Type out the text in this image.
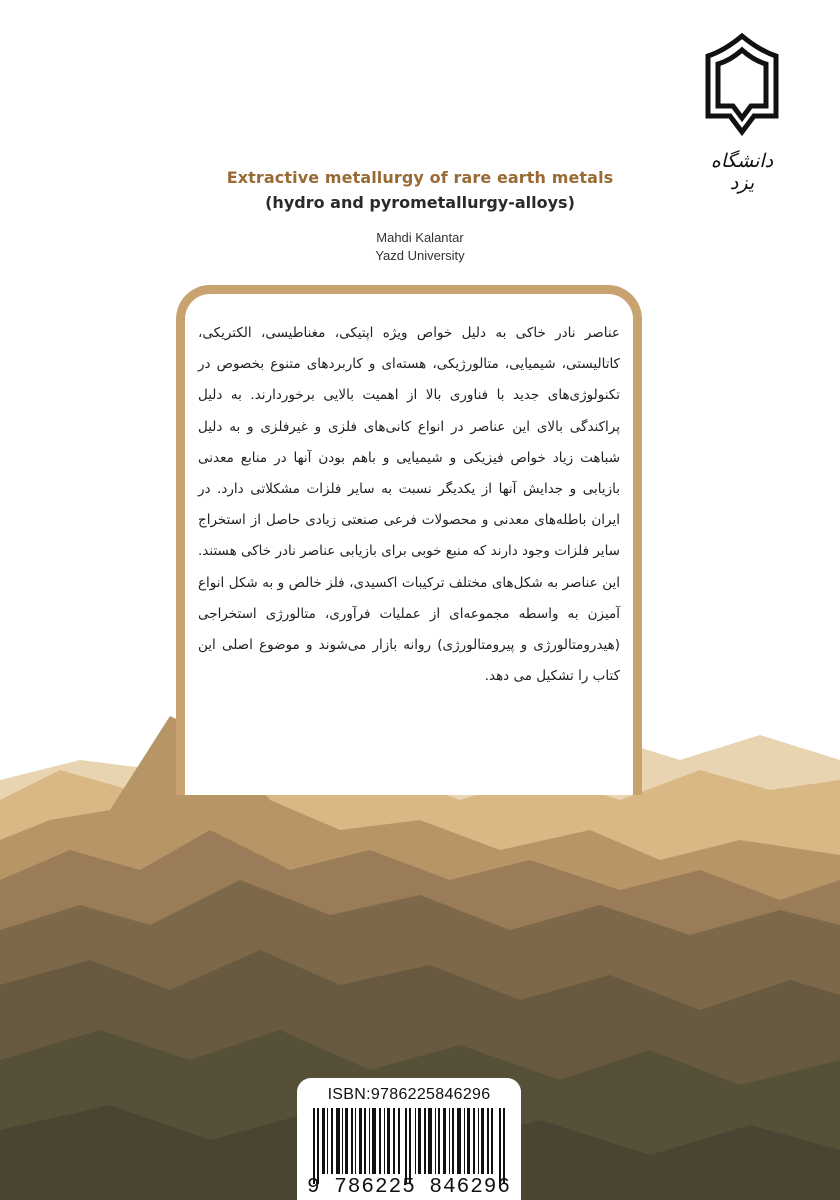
دانشگاه یزد
Extractive metallurgy of rare earth metals
(hydro and pyrometallurgy-alloys)
Mahdi Kalantar
Yazd University
عناصر نادر خاکی به دلیل خواص ویژه اپتیکی، مغناطیسی، الکتریکی، کاتالیستی، شیمیایی، متالورژیکی، هسته‌ای و کاربردهای متنوع بخصوص در تکنولوژی‌های جدید با فناوری بالا از اهمیت بالایی برخوردارند. به دلیل پراکندگی بالای این عناصر در انواع کانی‌های فلزی و غیرفلزی و به دلیل شباهت زیاد خواص فیزیکی و شیمیایی و باهم بودن آنها در منابع معدنی بازیابی و جدایش آنها از یکدیگر نسبت به سایر فلزات مشکلاتی دارد. در ایران باطله‌های معدنی و محصولات فرعی صنعتی زیادی حاصل از استخراج سایر فلزات وجود دارند که منبع خوبی برای بازیابی عناصر نادر خاکی هستند. این عناصر به شکل‌های مختلف ترکیبات اکسیدی، فلز خالص و به شکل انواع آمیزن به واسطه مجموعه‌ای از عملیات فرآوری، متالورژی استخراجی (هیدرومتالورژی و پیرومتالورژی) روانه بازار می‌شوند و موضوع اصلی این کتاب را تشکیل می دهد.
ISBN:9786225846296
9 786225 846296
